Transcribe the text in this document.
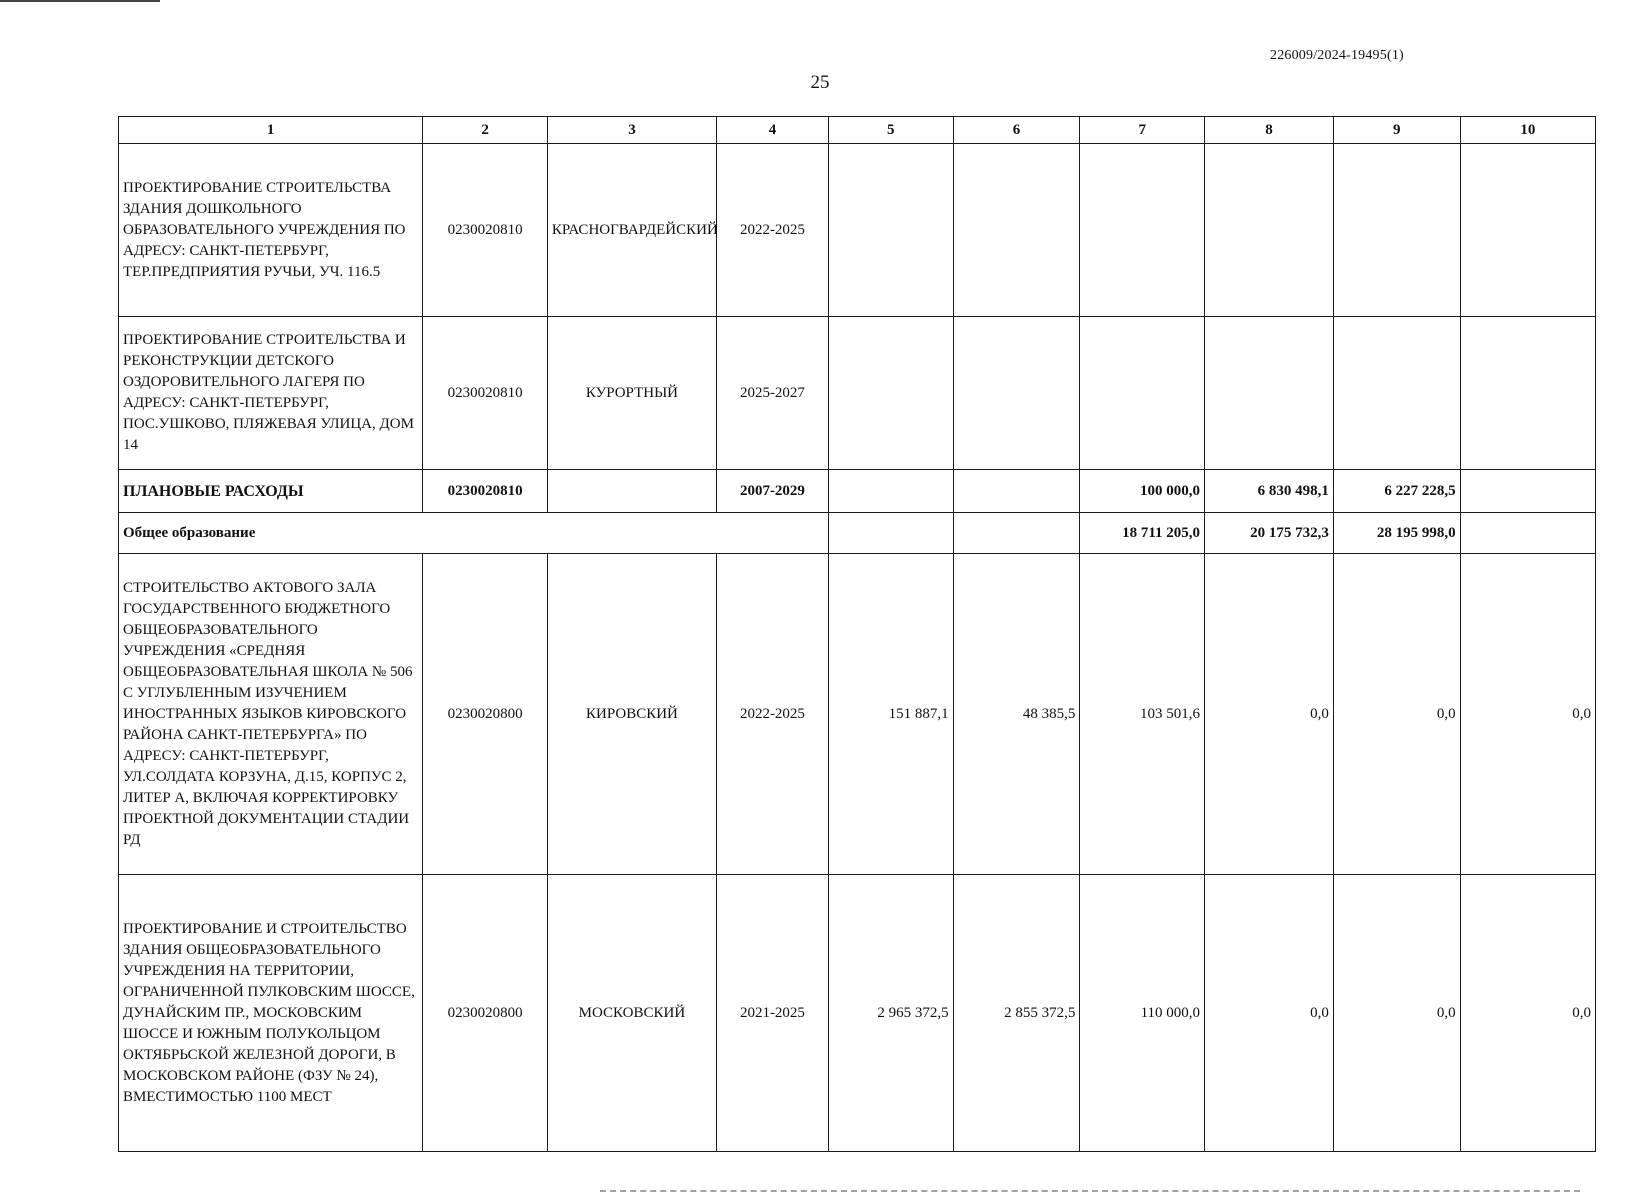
226009/2024-19495(1)
25
1	2	3	4	5	6	7	8	9	10
ПРОЕКТИРОВАНИЕ СТРОИТЕЛЬСТВА ЗДАНИЯ ДОШКОЛЬНОГО ОБРАЗОВАТЕЛЬНОГО УЧРЕЖДЕНИЯ ПО АДРЕСУ: САНКТ-ПЕТЕРБУРГ, ТЕР.ПРЕДПРИЯТИЯ РУЧЬИ, УЧ. 116.5	0230020810	КРАСНОГВАРДЕЙСКИЙ	2022-2025						
ПРОЕКТИРОВАНИЕ СТРОИТЕЛЬСТВА И РЕКОНСТРУКЦИИ ДЕТСКОГО ОЗДОРОВИТЕЛЬНОГО ЛАГЕРЯ ПО АДРЕСУ: САНКТ-ПЕТЕРБУРГ, ПОС.УШКОВО, ПЛЯЖЕВАЯ УЛИЦА, ДОМ 14	0230020810	КУРОРТНЫЙ	2025-2027						
ПЛАНОВЫЕ РАСХОДЫ	0230020810		2007-2029			100 000,0	6 830 498,1	6 227 228,5	
Общее образование						18 711 205,0	20 175 732,3	28 195 998,0	
СТРОИТЕЛЬСТВО АКТОВОГО ЗАЛА ГОСУДАРСТВЕННОГО БЮДЖЕТНОГО ОБЩЕОБРАЗОВАТЕЛЬНОГО УЧРЕЖДЕНИЯ «СРЕДНЯЯ ОБЩЕОБРАЗОВАТЕЛЬНАЯ ШКОЛА № 506 С УГЛУБЛЕННЫМ ИЗУЧЕНИЕМ ИНОСТРАННЫХ ЯЗЫКОВ КИРОВСКОГО РАЙОНА САНКТ-ПЕТЕРБУРГА» ПО АДРЕСУ: САНКТ-ПЕТЕРБУРГ, УЛ.СОЛДАТА КОРЗУНА, Д.15, КОРПУС 2, ЛИТЕР А, ВКЛЮЧАЯ КОРРЕКТИРОВКУ ПРОЕКТНОЙ ДОКУМЕНТАЦИИ СТАДИИ РД	0230020800	КИРОВСКИЙ	2022-2025	151 887,1	48 385,5	103 501,6	0,0	0,0	0,0
ПРОЕКТИРОВАНИЕ И СТРОИТЕЛЬСТВО ЗДАНИЯ ОБЩЕОБРАЗОВАТЕЛЬНОГО УЧРЕЖДЕНИЯ НА ТЕРРИТОРИИ, ОГРАНИЧЕННОЙ ПУЛКОВСКИМ ШОССЕ, ДУНАЙСКИМ ПР., МОСКОВСКИМ ШОССЕ И ЮЖНЫМ ПОЛУКОЛЬЦОМ ОКТЯБРЬСКОЙ ЖЕЛЕЗНОЙ ДОРОГИ, В МОСКОВСКОМ РАЙОНЕ (ФЗУ № 24), ВМЕСТИМОСТЬЮ 1100 МЕСТ	0230020800	МОСКОВСКИЙ	2021-2025	2 965 372,5	2 855 372,5	110 000,0	0,0	0,0	0,0
